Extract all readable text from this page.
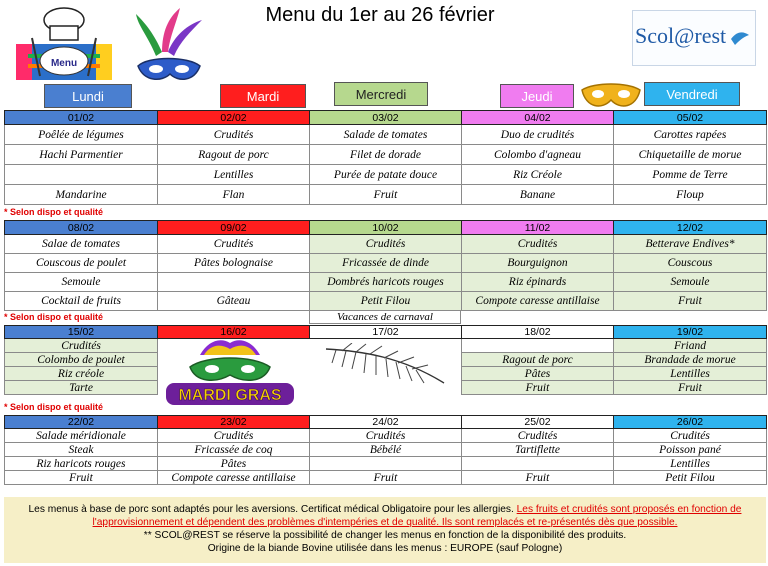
Menu du 1er au 26 février
Menu
Scol@rest
Lundi	Mardi	Mercredi	Jeudi	Vendredi
01/02	02/02	03/02	04/02	05/02
Poêlée de légumes	Crudités	Salade de tomates	Duo de crudités	Carottes rapées
Hachi Parmentier	Ragout de porc	Filet de dorade	Colombo d'agneau	Chiquetaille de morue
	Lentilles	Purée de patate douce	Riz Créole	Pomme de Terre
Mandarine	Flan	Fruit	Banane	Floup
* Selon dispo et qualité
08/02	09/02	10/02	11/02	12/02
Salae de tomates	Crudités	Crudités	Crudités	Betterave Endives*
Couscous de poulet	Pâtes bolognaise	Fricassée de dinde	Bourguignon	Couscous
Semoule		Dombrés haricots rouges	Riz épinards	Semoule
Cocktail de fruits	Gâteau	Petit Filou	Compote caresse antillaise	Fruit
* Selon dispo et qualité	Vacances de carnaval
15/02	16/02	17/02	18/02	19/02
Crudités				Friand
Colombo de poulet			Ragout de porc	Brandade de morue
Riz créole			Pâtes	Lentilles
Tarte			Fruit	Fruit
MARDI GRAS
* Selon dispo et qualité
22/02	23/02	24/02	25/02	26/02
Salade méridionale	Crudités	Crudités	Crudités	Crudités
Steak	Fricassée de coq	Bébélé	Tartiflette	Poisson pané
Riz haricots rouges	Pâtes			Lentilles
Fruit	Compote caresse antillaise	Fruit	Fruit	Petit Filou
Les menus à base de porc sont adaptés pour les aversions. Certificat médical Obligatoire pour les allergies. Les fruits et crudités sont proposés en fonction de
l'approvisionnement et dépendent des problèmes d'intempéries et de qualité. Ils sont remplacés et re-présentés dès que possible.
** SCOL@REST se réserve la possibilité de changer les menus en fonction de la disponibilité des produits.
Origine de la biande Bovine utilisée dans les menus : EUROPE (sauf Pologne)
